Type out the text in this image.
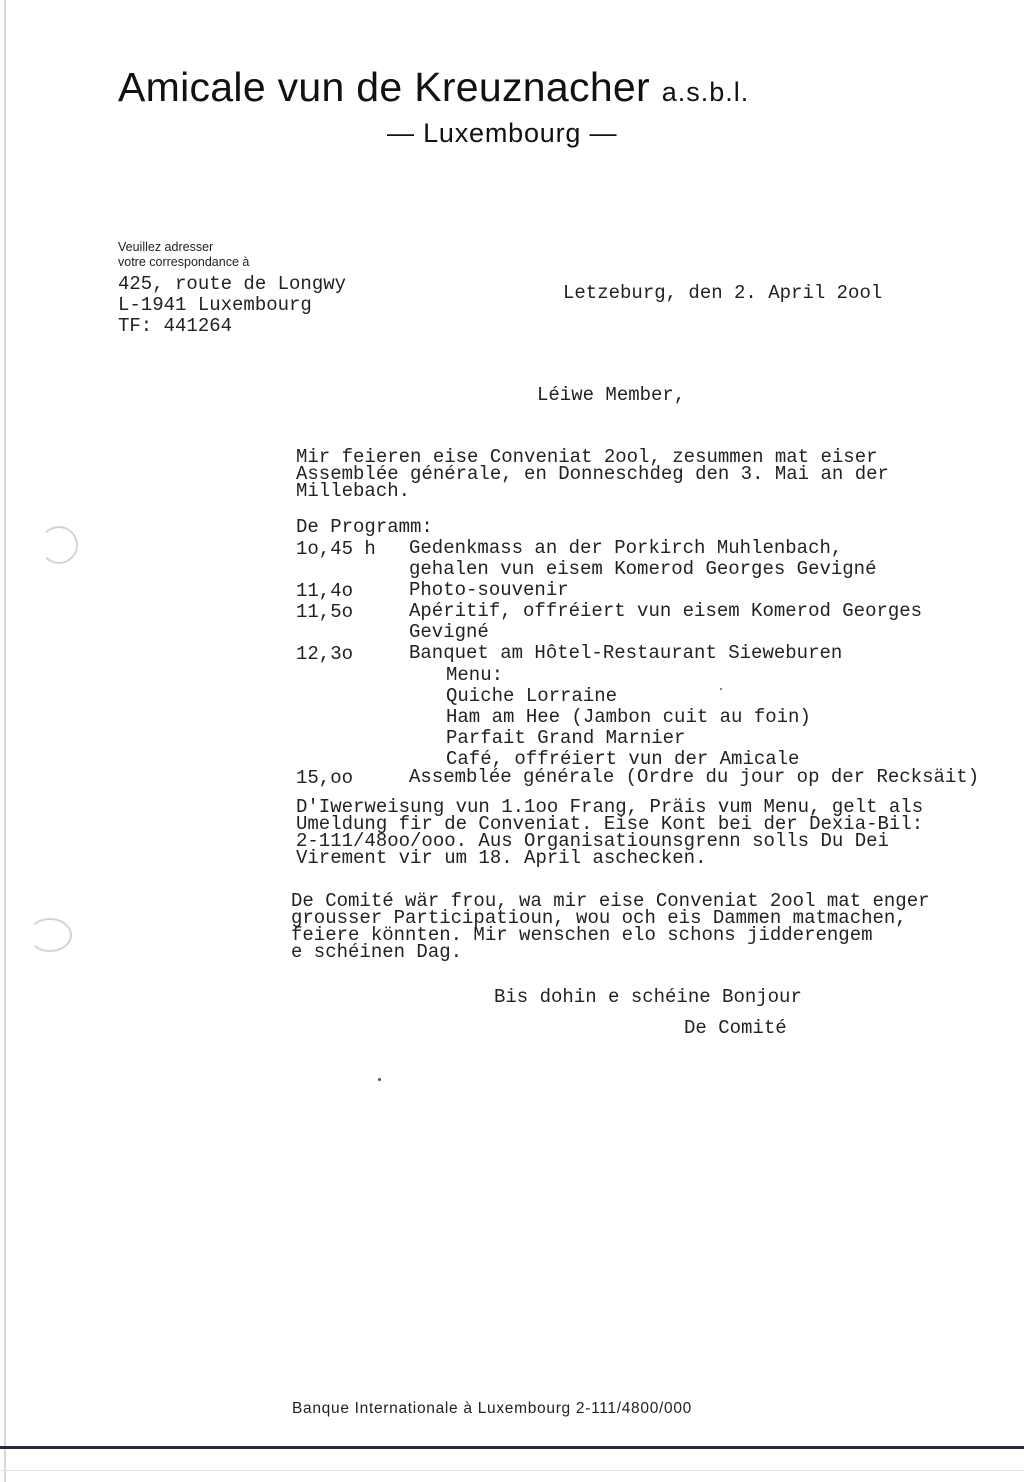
Amicale vun de Kreuznacher a.s.b.l.
— Luxembourg —
Veuillez adresser
votre correspondance à
425, route de Longwy
L-1941 Luxembourg
TF: 441264
Letzeburg, den 2. April 2ool
Léiwe Member,
Mir feieren eise Conveniat 2ool, zesummen mat eiser
Assemblée générale, en Donneschdeg den 3. Mai an der
Millebach.
De Programm:
1o,45 h Gedenkmass an der Porkirch Muhlenbach,
gehalen vun eisem Komerod Georges Gevigné
11,4o	Photo-souvenir
11,5o	Apéritif, offréiert vun eisem Komerod Georges
Gevigné
12,3o	Banquet am Hôtel-Restaurant Sieweburen
Menu:
Quiche Lorraine
Ham am Hee (Jambon cuit au foin)
Parfait Grand Marnier
Café, offréiert vun der Amicale
15,oo	Assemblée générale (Ordre du jour op der Recksäit)
D'Iwerweisung vun 1.1oo Frang, Präis vum Menu, gelt als
Umeldung fir de Conveniat. Eise Kont bei der Dexia-Bil:
2-111/48oo/ooo. Aus Organisatiounsgrenn solls Du Dei
Virement vir um 18. April aschecken.
De Comité wär frou, wa mir eise Conveniat 2ool mat enger
grousser Participatioun, wou och eis Dammen matmachen,
feiere könnten. Mir wenschen elo schons jidderengem
e schéinen Dag.
Bis dohin e schéine Bonjour
De Comité
Banque Internationale à Luxembourg 2-111/4800/000
